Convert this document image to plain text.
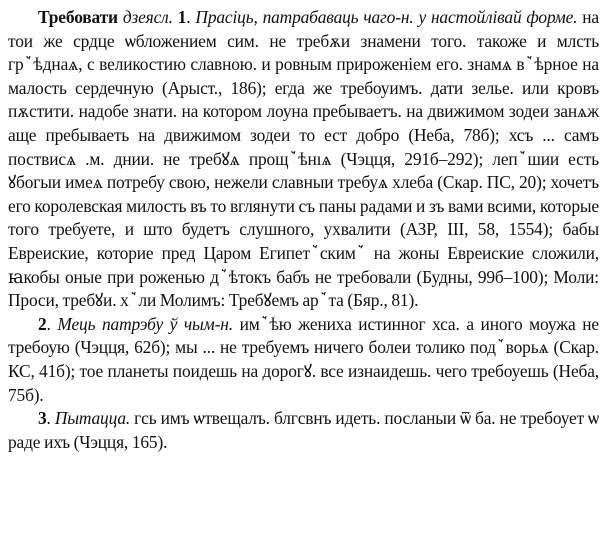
Требовати дзеясл. 1. Прасіць, патрабаваць чаго-н. у настойлівай форме. на тои же срдце ѡбложением сим. не требѫи знамени того. такоже и млсть грꙿѣднаѧ, с великостию славною. и ровным прироженіем его. знамѧ вꙿѣрное на малость сердечную (Арыст., 186); егда же требоуимъ. дати зелье. или кровъ пѫстити. надобе знати. на котором лоуна пребываетъ. на движимом зодеи занѧж аще пребываеть на движимом зодеи то ест добро (Неба, 78б); хсъ ... самъ поствисѧ .м. днии. не требꙋѧ прощꙿѣнıѧ (Чэцця, 291б–292); лепꙿшии есть ꙋбогыи имеѧ потребу свою, нежели славныи требуѧ хлеба (Скар. ПС, 20); хочетъ его королевская милость въ то вглянути съ паны радами и зъ вами всими, которые того требуете, и што будетъ слушного, ухвалити (АЗР, III, 58, 1554); бабы Евреиские, которие пред Царом Египетꙿскимꙿ на жоны Евреиские сложили, ꙗкобы оные при роженью дꙿѣтокъ бабъ не требовали (Будны, 99б–100); Моли: Проси, требꙋи. хꙿли Молимъ: Требꙋемъ арꙿта (Бяр., 81).

2. Мець патрэбу ў чым-н. имꙿѣю жениха истинног хса. а иного моужа не требоую (Чэцця, 62б); мы ... не требуемъ ничего болеи толико подꙿворьѧ (Скар. КС, 41б); тое планеты поидешь на дорогꙋ. все изнаидешь. чего требоуешь (Неба, 75б).

3. Пытацца. гсь имъ ѡтвещалъ. блгсвнъ идеть. посланыи ѿ ба. не требоует ѡ раде ихъ (Чэцця, 165).
